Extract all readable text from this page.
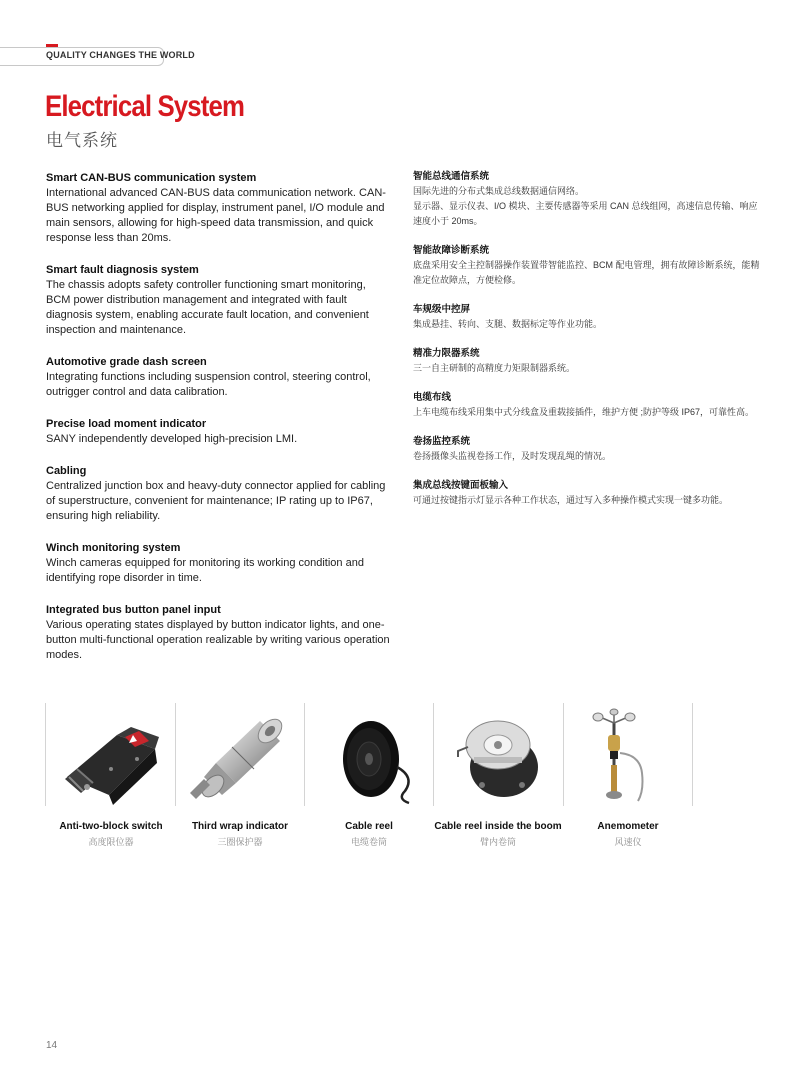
QUALITY CHANGES THE WORLD
Electrical System
电气系统
Smart CAN-BUS communication system
International advanced CAN-BUS data communication network. CAN-BUS networking applied for display, instrument panel, I/O module and main sensors, allowing for high-speed data transmission, and quick response less than 20ms.
Smart fault diagnosis system
The chassis adopts safety controller functioning smart monitoring, BCM power distribution management and integrated with fault diagnosis system, enabling accurate fault location, and convenient inspection and maintenance.
Automotive grade dash screen
Integrating functions including suspension control, steering control, outrigger control and data calibration.
Precise load moment indicator
SANY independently developed high-precision LMI.
Cabling
Centralized junction box and heavy-duty connector applied for cabling of superstructure, convenient for maintenance; IP rating up to IP67, ensuring high reliability.
Winch monitoring system
Winch cameras equipped for monitoring its working condition and identifying rope disorder in time.
Integrated bus button panel input
Various operating states displayed by button indicator lights, and one-button multi-functional operation realizable by writing various operation modes.
智能总线通信系统
国际先进的分布式集成总线数据通信网络。
显示器、显示仪表、I/O 模块、主要传感器等采用 CAN 总线组网，高速信息传输、响应速度小于 20ms。
智能故障诊断系统
底盘采用安全主控制器操作装置带智能监控、BCM 配电管理，拥有故障诊断系统，能精准定位故障点，方便检修。
车规级中控屏
集成悬挂、转向、支腿、数据标定等作业功能。
精准力限器系统
三一自主研制的高精度力矩限制器系统。
电缆布线
上车电缆布线采用集中式分线盒及重载接插件，维护方便 ;防护等级 IP67，可靠性高。
卷扬监控系统
卷扬摄像头监视卷扬工作，及时发现乱绳的情况。
集成总线按键面板输入
可通过按键指示灯显示各种工作状态，通过写入多种操作模式实现一键多功能。
Anti-two-block switch
高度限位器
Third wrap indicator
三圈保护器
Cable reel
电缆卷筒
Cable reel inside the boom
臂内卷筒
Anemometer
风速仪
14
